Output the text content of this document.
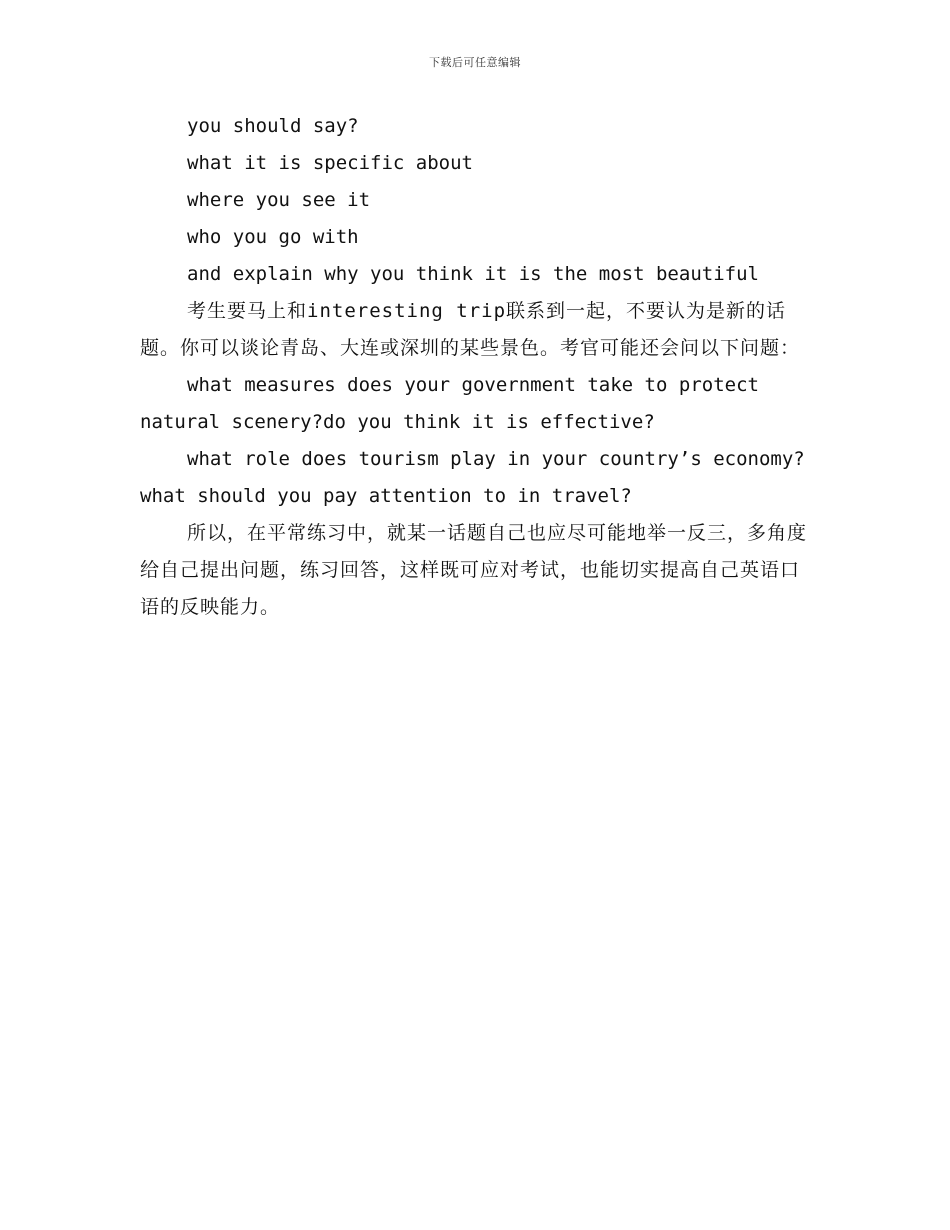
下载后可任意编辑

you should say?

what it is specific about

where you see it

who you go with

and explain why you think it is the most beautiful

考生要马上和interesting trip联系到一起，不要认为是新的话题。你可以谈论青岛、大连或深圳的某些景色。考官可能还会问以下问题：

what measures does your government take to protect natural scenery?do you think it is effective?

what role does tourism play in your country’s economy? what should you pay attention to in travel?

所以，在平常练习中，就某一话题自己也应尽可能地举一反三，多角度给自己提出问题，练习回答，这样既可应对考试，也能切实提高自己英语口语的反映能力。
